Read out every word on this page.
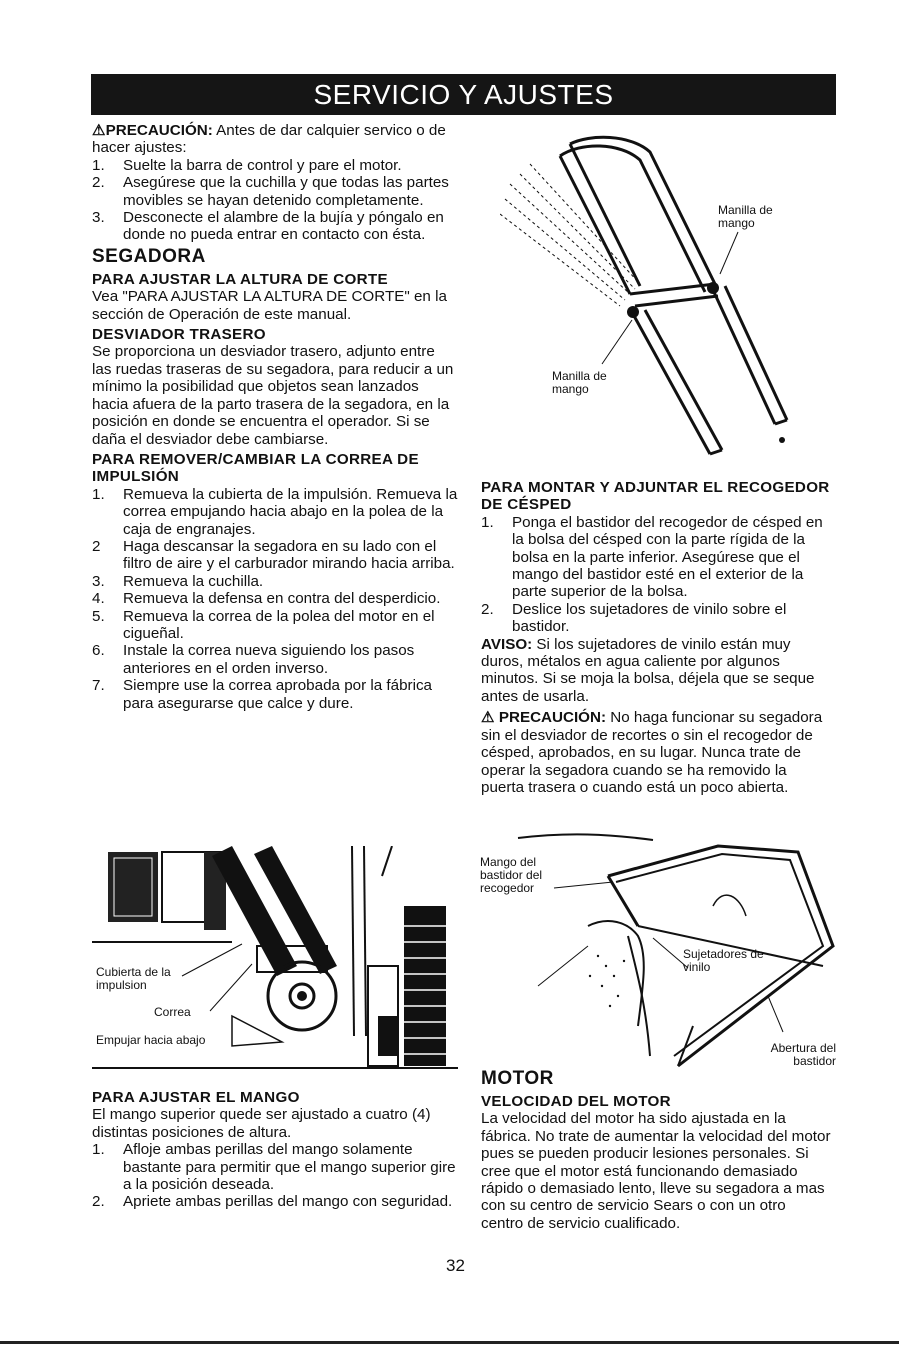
SERVICIO Y AJUSTES

⚠PRECAUCIÓN: Antes de dar calquier servico o de hacer ajustes:

1. Suelte la barra de control y pare el motor.
2. Asegúrese que la cuchilla y que todas las partes movibles se hayan detenido completamente.
3. Desconecte el alambre de la bujía y póngalo en donde no pueda entrar en contacto con ésta.
SEGADORA
PARA AJUSTAR LA ALTURA DE CORTE

Vea "PARA AJUSTAR LA ALTURA DE CORTE" en la sección de Operación de este manual.

DESVIADOR TRASERO

Se proporciona un desviador trasero, adjunto entre las ruedas traseras de su segadora, para reducir a un mínimo la posibilidad que objetos sean lanzados hacia afuera de la parto trasera de la segadora, en la posición en donde se encuentra el operador. Si se daña el desviador debe cambiarse.

PARA REMOVER/CAMBIAR LA CORREA DE IMPULSIÓN
1. Remueva la cubierta de la impulsión. Remueva la correa empujando hacia abajo en la polea de la caja de engranajes.
2 Haga descansar la segadora en su lado con el filtro de aire y el carburador mirando hacia arriba.
3. Remueva la cuchilla.
4. Remueva la defensa en contra del desperdicio.
5. Remueva la correa de la polea del motor en el cigueñal.
6. Instale la correa nueva siguiendo los pasos anteriores en el orden inverso.
7. Siempre use la correa aprobada por la fábrica para asegurarse que calce y dure.
Cubierta de la impulsion
Correa
Empujar hacia abajo
PARA AJUSTAR EL MANGO

El mango superior quede ser ajustado a cuatro (4) distintas posiciones de altura.

1. Afloje ambas perillas del mango solamente bastante para permitir que el mango superior gire a la posición deseada.
2. Apriete ambas perillas del mango con seguridad.
Manilla de mango
Manilla de mango
PARA MONTAR Y ADJUNTAR EL RECOGEDOR DE CÉSPED
1. Ponga el bastidor del recogedor de césped en la bolsa del césped con la parte rígida de la bolsa en la parte inferior. Asegúrese que el mango del bastidor esté en el exterior de la parte superior de la bolsa.
2. Deslice los sujetadores de vinilo sobre el bastidor.

AVISO: Si los sujetadores de vinilo están muy duros, métalos en agua caliente por algunos minutos. Si se moja la bolsa, déjela que se seque antes de usarla.

⚠ PRECAUCIÓN: No haga funcionar su segadora sin el desviador de recortes o sin el recogedor de césped, aprobados, en su lugar. Nunca trate de operar la segadora cuando se ha removido la puerta trasera o cuando está un poco abierta.

Mango del bastidor del recogedor
Sujetadores de vinilo
Abertura del bastidor
MOTOR
VELOCIDAD DEL MOTOR

La velocidad del motor ha sido ajustada en la fábrica. No trate de aumentar la velocidad del motor pues se pueden producir lesiones personales. Si cree que el motor está funcionando demasiado rápido o demasiado lento, lleve su segadora a mas con su centro de servicio Sears o con un otro centro de servicio cualificado.

32
